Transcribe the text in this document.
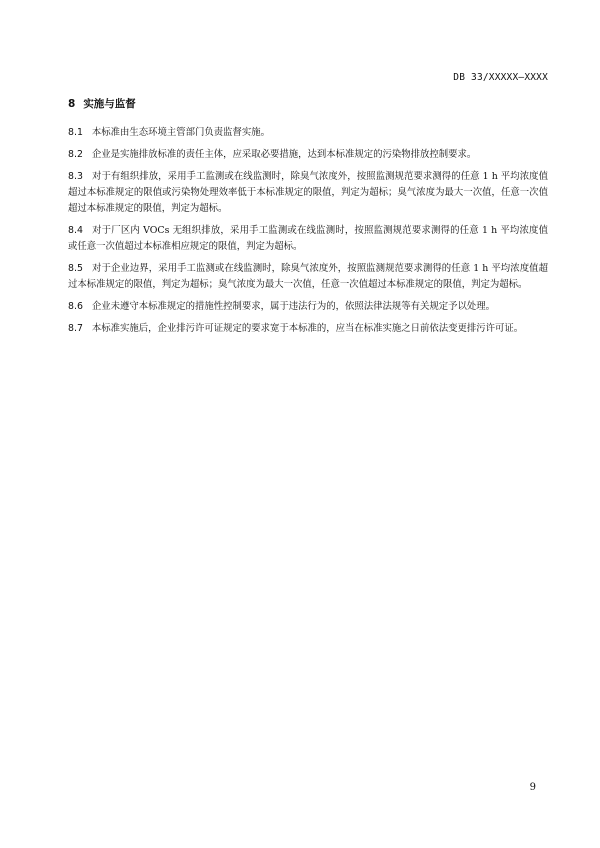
DB 33/XXXXX—XXXX
8 实施与监督

8.1 本标准由生态环境主管部门负责监督实施。

8.2 企业是实施排放标准的责任主体，应采取必要措施，达到本标准规定的污染物排放控制要求。

8.3 对于有组织排放，采用手工监测或在线监测时，除臭气浓度外，按照监测规范要求测得的任意 1 h 平均浓度值超过本标准规定的限值或污染物处理效率低于本标准规定的限值，判定为超标；臭气浓度为最大一次值，任意一次值超过本标准规定的限值，判定为超标。

8.4 对于厂区内 VOCs 无组织排放，采用手工监测或在线监测时，按照监测规范要求测得的任意 1 h 平均浓度值或任意一次值超过本标准相应规定的限值，判定为超标。

8.5 对于企业边界，采用手工监测或在线监测时，除臭气浓度外，按照监测规范要求测得的任意 1 h 平均浓度值超过本标准规定的限值，判定为超标；臭气浓度为最大一次值，任意一次值超过本标准规定的限值，判定为超标。

8.6 企业未遵守本标准规定的措施性控制要求，属于违法行为的，依照法律法规等有关规定予以处理。

8.7 本标准实施后，企业排污许可证规定的要求宽于本标准的，应当在标准实施之日前依法变更排污许可证。

9
